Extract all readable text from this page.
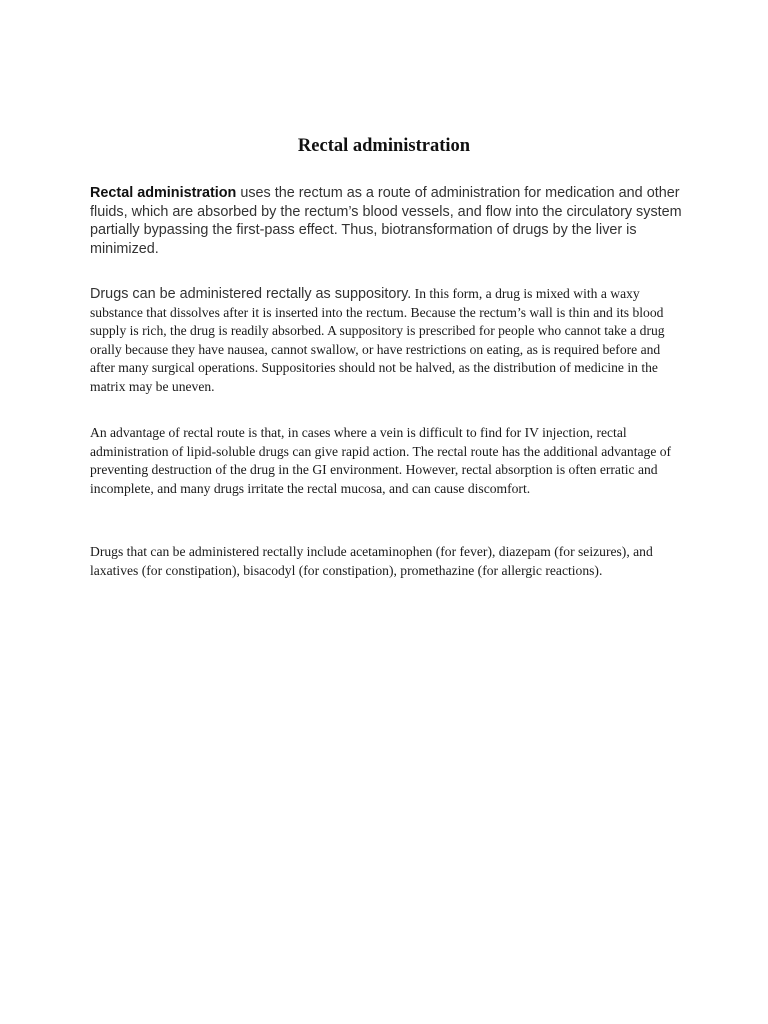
Rectal administration

Rectal administration uses the rectum as a route of administration for medication and other fluids, which are absorbed by the rectum’s blood vessels, and flow into the circulatory system partially bypassing the first-pass effect. Thus, biotransformation of drugs by the liver is minimized.

Drugs can be administered rectally as suppository. In this form, a drug is mixed with a waxy substance that dissolves after it is inserted into the rectum. Because the rectum’s wall is thin and its blood supply is rich, the drug is readily absorbed. A suppository is prescribed for people who cannot take a drug orally because they have nausea, cannot swallow, or have restrictions on eating, as is required before and after many surgical operations. Suppositories should not be halved, as the distribution of medicine in the matrix may be uneven.

An advantage of rectal route is that, in cases where a vein is difficult to find for IV injection, rectal administration of lipid-soluble drugs can give rapid action. The rectal route has the additional advantage of preventing destruction of the drug in the GI environment. However, rectal absorption is often erratic and incomplete, and many drugs irritate the rectal mucosa, and can cause discomfort.

Drugs that can be administered rectally include acetaminophen (for fever), diazepam (for seizures), and laxatives (for constipation), bisacodyl (for constipation), promethazine (for allergic reactions).
